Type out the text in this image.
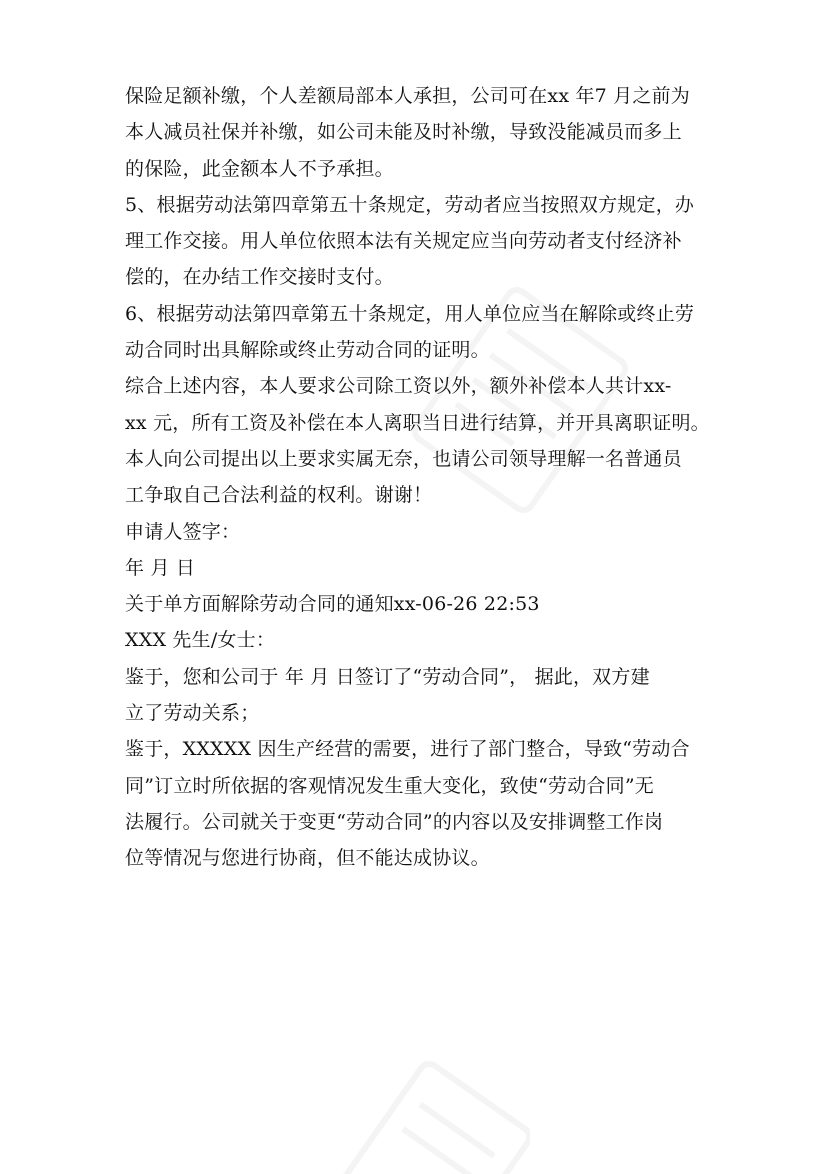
保险足额补缴，个人差额局部本人承担，公司可在xx 年7 月之前为
本人减员社保并补缴，如公司未能及时补缴，导致没能减员而多上
的保险，此金额本人不予承担。
5、根据劳动法第四章第五十条规定，劳动者应当按照双方规定，办
理工作交接。用人单位依照本法有关规定应当向劳动者支付经济补
偿的，在办结工作交接时支付。
6、根据劳动法第四章第五十条规定，用人单位应当在解除或终止劳
动合同时出具解除或终止劳动合同的证明。
综合上述内容，本人要求公司除工资以外，额外补偿本人共计xx-
xx 元，所有工资及补偿在本人离职当日进行结算，并开具离职证明。
本人向公司提出以上要求实属无奈，也请公司领导理解一名普通员
工争取自己合法利益的权利。谢谢！
申请人签字：
年 月 日
关于单方面解除劳动合同的通知xx-06-26 22:53
XXX 先生/女士：
鉴于，您和公司于 年 月 日签订了“劳动合同”， 据此，双方建
立了劳动关系；
鉴于，XXXXX 因生产经营的需要，进行了部门整合，导致“劳动合
同”订立时所依据的客观情况发生重大变化，致使“劳动合同”无
法履行。公司就关于变更“劳动合同”的内容以及安排调整工作岗
位等情况与您进行协商，但不能达成协议。
